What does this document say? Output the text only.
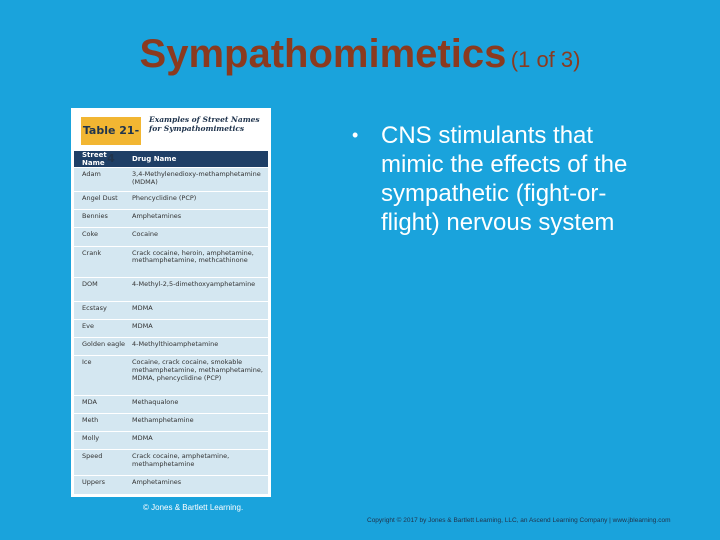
Sympathomimetics (1 of 3)
Table 21-4
Examples of Street Names for Sympathomimetics
Street Name	Drug Name
Adam	3,4-Methylenedioxy-methamphetamine (MDMA)
Angel Dust	Phencyclidine (PCP)
Bennies	Amphetamines
Coke	Cocaine
Crank	Crack cocaine, heroin, amphetamine, methamphetamine, methcathinone
DOM	4-Methyl-2,5-dimethoxyamphetamine
Ecstasy	MDMA
Eve	MDMA
Golden eagle	4-Methylthioamphetamine
Ice	Cocaine, crack cocaine, smokable methamphetamine, methamphetamine, MDMA, phencyclidine (PCP)
MDA	Methaqualone
Meth	Methamphetamine
Molly	MDMA
Speed	Crack cocaine, amphetamine, methamphetamine
Uppers	Amphetamines
© Jones & Bartlett Learning.
• CNS stimulants that mimic the effects of the sympathetic (fight-or-flight) nervous system
Copyright © 2017 by Jones & Bartlett Learning, LLC, an Ascend Learning Company | www.jblearning.com
